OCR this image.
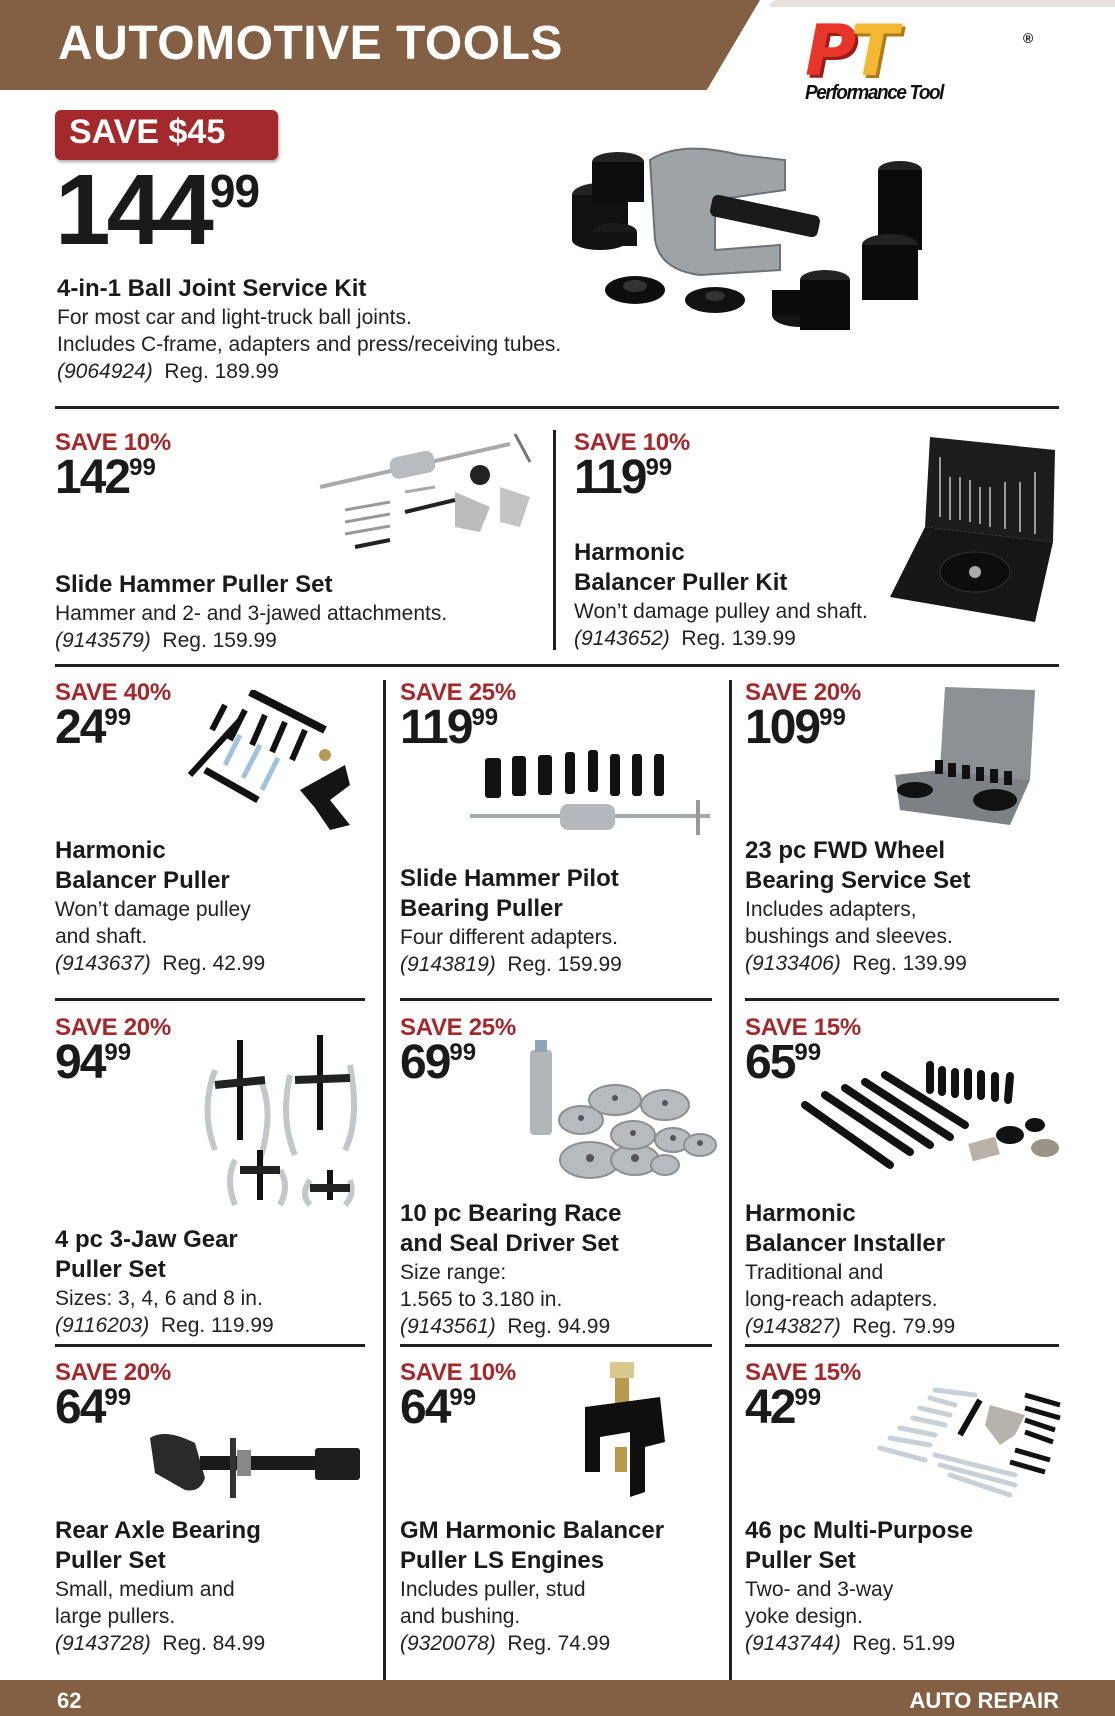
AUTOMOTIVE TOOLS	PT	®
Performance Tool
SAVE $45
14499
4-in-1 Ball Joint Service Kit
For most car and light-truck ball joints.
Includes C-frame, adapters and press/receiving tubes.
(9064924) Reg. 189.99
SAVE 10%
14299
Slide Hammer Puller Set
Hammer and 2- and 3-jawed attachments.
(9143579) Reg. 159.99
SAVE 10%
11999
Harmonic
Balancer Puller Kit
Won’t damage pulley and shaft.
(9143652) Reg. 139.99
SAVE 40%
2499
Harmonic
Balancer Puller
Won’t damage pulley
and shaft.
(9143637) Reg. 42.99
SAVE 25%
11999
Slide Hammer Pilot
Bearing Puller
Four different adapters.
(9143819) Reg. 159.99
SAVE 20%
10999
23 pc FWD Wheel
Bearing Service Set
Includes adapters,
bushings and sleeves.
(9133406) Reg. 139.99
SAVE 20%
9499
4 pc 3-Jaw Gear
Puller Set
Sizes: 3, 4, 6 and 8 in.
(9116203) Reg. 119.99
SAVE 25%
6999
10 pc Bearing Race
and Seal Driver Set
Size range:
1.565 to 3.180 in.
(9143561) Reg. 94.99
SAVE 15%
6599
Harmonic
Balancer Installer
Traditional and
long-reach adapters.
(9143827) Reg. 79.99
SAVE 20%
6499
Rear Axle Bearing
Puller Set
Small, medium and
large pullers.
(9143728) Reg. 84.99
SAVE 10%
6499
GM Harmonic Balancer
Puller LS Engines
Includes puller, stud
and bushing.
(9320078) Reg. 74.99
SAVE 15%
4299
46 pc Multi-Purpose
Puller Set
Two- and 3-way
yoke design.
(9143744) Reg. 51.99
62	AUTO REPAIR
